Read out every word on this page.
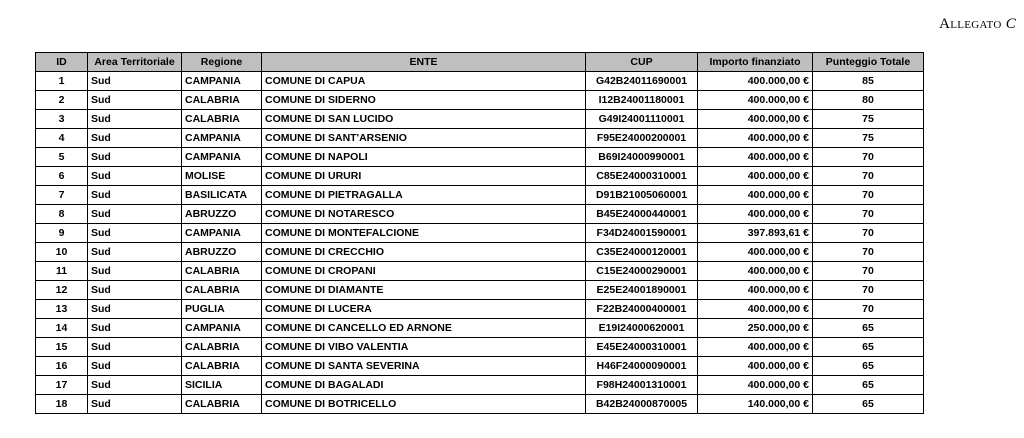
Allegato C
ID	Area Territoriale	Regione	ENTE	CUP	Importo finanziato	Punteggio Totale
1	Sud	CAMPANIA	COMUNE DI CAPUA	G42B24011690001	400.000,00 €	85
2	Sud	CALABRIA	COMUNE DI SIDERNO	I12B24001180001	400.000,00 €	80
3	Sud	CALABRIA	COMUNE DI SAN LUCIDO	G49I24001110001	400.000,00 €	75
4	Sud	CAMPANIA	COMUNE DI SANT'ARSENIO	F95E24000200001	400.000,00 €	75
5	Sud	CAMPANIA	COMUNE DI NAPOLI	B69I24000990001	400.000,00 €	70
6	Sud	MOLISE	COMUNE DI URURI	C85E24000310001	400.000,00 €	70
7	Sud	BASILICATA	COMUNE DI PIETRAGALLA	D91B21005060001	400.000,00 €	70
8	Sud	ABRUZZO	COMUNE DI NOTARESCO	B45E24000440001	400.000,00 €	70
9	Sud	CAMPANIA	COMUNE DI MONTEFALCIONE	F34D24001590001	397.893,61 €	70
10	Sud	ABRUZZO	COMUNE DI CRECCHIO	C35E24000120001	400.000,00 €	70
11	Sud	CALABRIA	COMUNE DI CROPANI	C15E24000290001	400.000,00 €	70
12	Sud	CALABRIA	COMUNE DI DIAMANTE	E25E24001890001	400.000,00 €	70
13	Sud	PUGLIA	COMUNE DI LUCERA	F22B24000400001	400.000,00 €	70
14	Sud	CAMPANIA	COMUNE DI CANCELLO ED ARNONE	E19I24000620001	250.000,00 €	65
15	Sud	CALABRIA	COMUNE DI VIBO VALENTIA	E45E24000310001	400.000,00 €	65
16	Sud	CALABRIA	COMUNE DI SANTA SEVERINA	H46F24000090001	400.000,00 €	65
17	Sud	SICILIA	COMUNE DI BAGALADI	F98H24001310001	400.000,00 €	65
18	Sud	CALABRIA	COMUNE DI BOTRICELLO	B42B24000870005	140.000,00 €	65
